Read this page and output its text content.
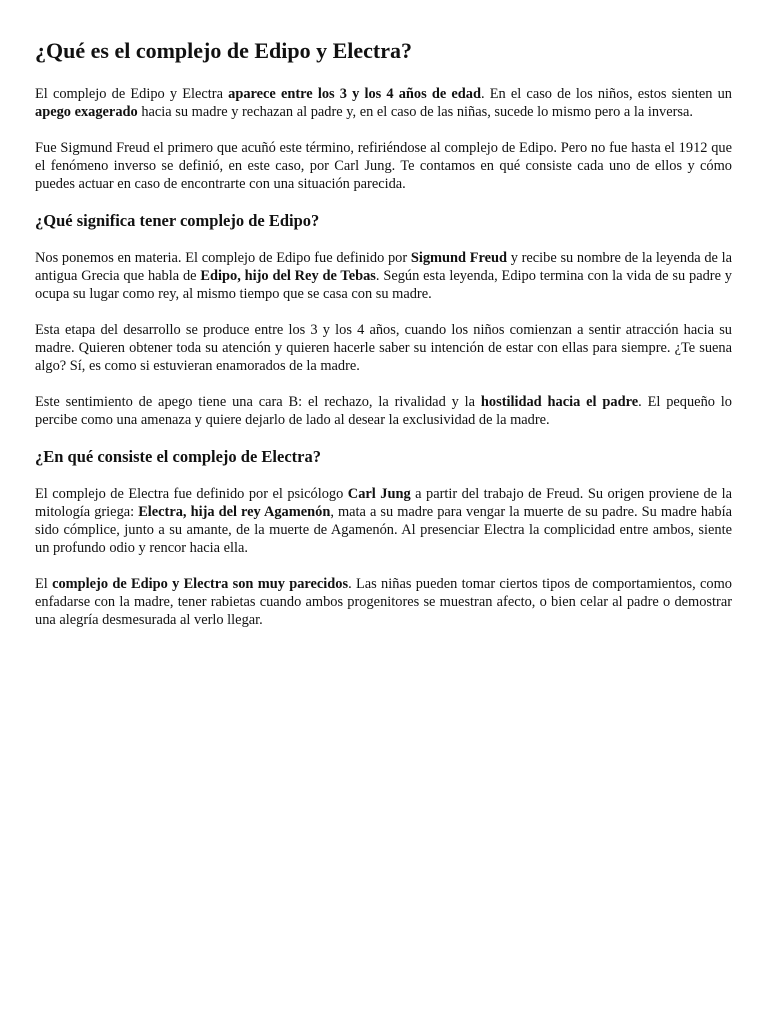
¿Qué es el complejo de Edipo y Electra?

El complejo de Edipo y Electra aparece entre los 3 y los 4 años de edad. En el caso de los niños, estos sienten un apego exagerado hacia su madre y rechazan al padre y, en el caso de las niñas, sucede lo mismo pero a la inversa.

Fue Sigmund Freud el primero que acuñó este término, refiriéndose al complejo de Edipo. Pero no fue hasta el 1912 que el fenómeno inverso se definió, en este caso, por Carl Jung. Te contamos en qué consiste cada uno de ellos y cómo puedes actuar en caso de encontrarte con una situación parecida.

¿Qué significa tener complejo de Edipo?

Nos ponemos en materia. El complejo de Edipo fue definido por Sigmund Freud y recibe su nombre de la leyenda de la antigua Grecia que habla de Edipo, hijo del Rey de Tebas. Según esta leyenda, Edipo termina con la vida de su padre y ocupa su lugar como rey, al mismo tiempo que se casa con su madre.

Esta etapa del desarrollo se produce entre los 3 y los 4 años, cuando los niños comienzan a sentir atracción hacia su madre. Quieren obtener toda su atención y quieren hacerle saber su intención de estar con ellas para siempre. ¿Te suena algo? Sí, es como si estuvieran enamorados de la madre.

Este sentimiento de apego tiene una cara B: el rechazo, la rivalidad y la hostilidad hacia el padre. El pequeño lo percibe como una amenaza y quiere dejarlo de lado al desear la exclusividad de la madre.

¿En qué consiste el complejo de Electra?

El complejo de Electra fue definido por el psicólogo Carl Jung a partir del trabajo de Freud. Su origen proviene de la mitología griega: Electra, hija del rey Agamenón, mata a su madre para vengar la muerte de su padre. Su madre había sido cómplice, junto a su amante, de la muerte de Agamenón. Al presenciar Electra la complicidad entre ambos, siente un profundo odio y rencor hacia ella.

El complejo de Edipo y Electra son muy parecidos. Las niñas pueden tomar ciertos tipos de comportamientos, como enfadarse con la madre, tener rabietas cuando ambos progenitores se muestran afecto, o bien celar al padre o demostrar una alegría desmesurada al verlo llegar.
